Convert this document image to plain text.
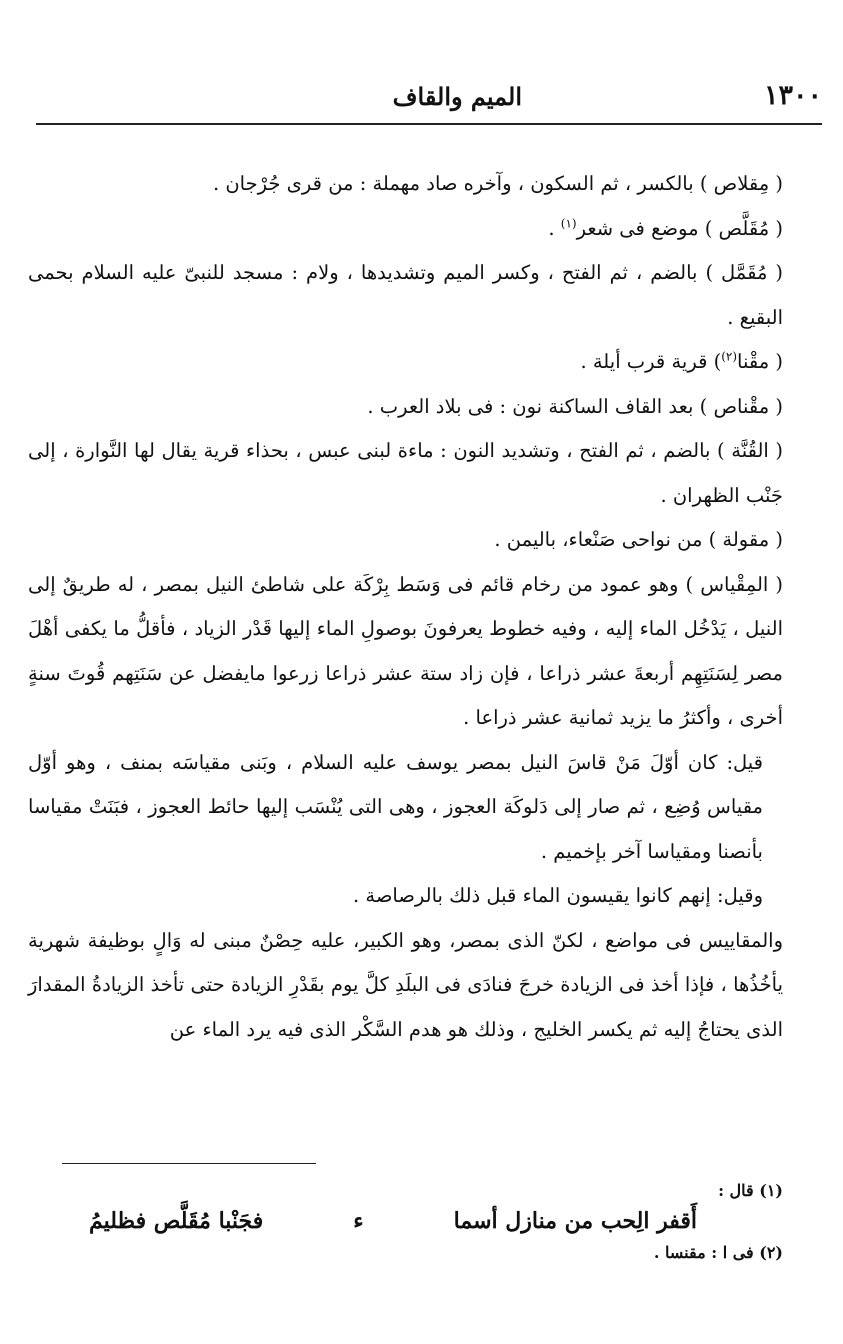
١٣٠٠
الميم والقاف

( مِقلاص ) بالكسر ، ثم السكون ، وآخره صاد مهملة : من قرى جُرْجان .

( مُقَلَّص ) موضع فى شعر$^{(١)}$ .

( مُقَمَّل ) بالضم ، ثم الفتح ، وكسر الميم وتشديدها ، ولام : مسجد للنبىّ عليه السلام بحمى البقيع .

( مقْنا$^{(٢)}$) قرية قرب أيلة .

( مقْناص ) بعد القاف الساكنة نون : فى بلاد العرب .

( القُنَّة ) بالضم ، ثم الفتح ، وتشديد النون : ماءة لبنى عبس ، بحذاء قرية يقال لها النَّوارة ، إلى جَنْب الظهران .

( مقولة ) من نواحى صَنْعاء، باليمن .

( المِقْياس ) وهو عمود من رخام قائم فى وَسَط بِرْكَة على شاطئ النيل بمصر ، له طريقٌ إلى النيل ، يَدْخُل الماء إليه ، وفيه خطوط يعرفونَ بوصولِ الماء إليها قَدْر الزياد ، فأقلُّ ما يكفى أهْلَ مصر لِسَنَتِهِم أربعةَ عشر ذراعا ، فإن زاد ستة عشر ذراعا زرعوا مايفضل عن سَنَتِهم قُوتَ سنةٍ أخرى ، وأكثرُ ما يزيد ثمانية عشر ذراعا .

قيل: كان أوّلَ مَنْ قاسَ النيل بمصر يوسف عليه السلام ، وبَنى مقياسَه بمنف ، وهو أوّل مقياس وُضِع ، ثم صار إلى دَلوكَة العجوز ، وهى التى يُنْسَب إليها حائط العجوز ، فبَنَتْ مقياسا بأنصنا ومقياسا آخر بإخميم .

وقيل: إنهم كانوا يقيسون الماء قبل ذلك بالرصاصة .

والمقاييس فى مواضع ، لكنّ الذى بمصر، وهو الكبير، عليه حِصْنٌ مبنى له وَالٍ بوظيفة شهرية يأخُذُها ، فإذا أخذ فى الزيادة خرجَ فنادَى فى البلَدِ كلَّ يوم بقَدْرِ الزيادة حتى تأخذ الزيادةُ المقدارَ الذى يحتاجُ إليه ثم يكسر الخليج ، وذلك هو هدم السَّكْر الذى فيه يرد الماء عن

(١) قال :
أَقفر الِحب من منازل أسما
ء
فجَنْبا مُقَلَّص فظليمُ
(٢) فى ا : مقنسا .
